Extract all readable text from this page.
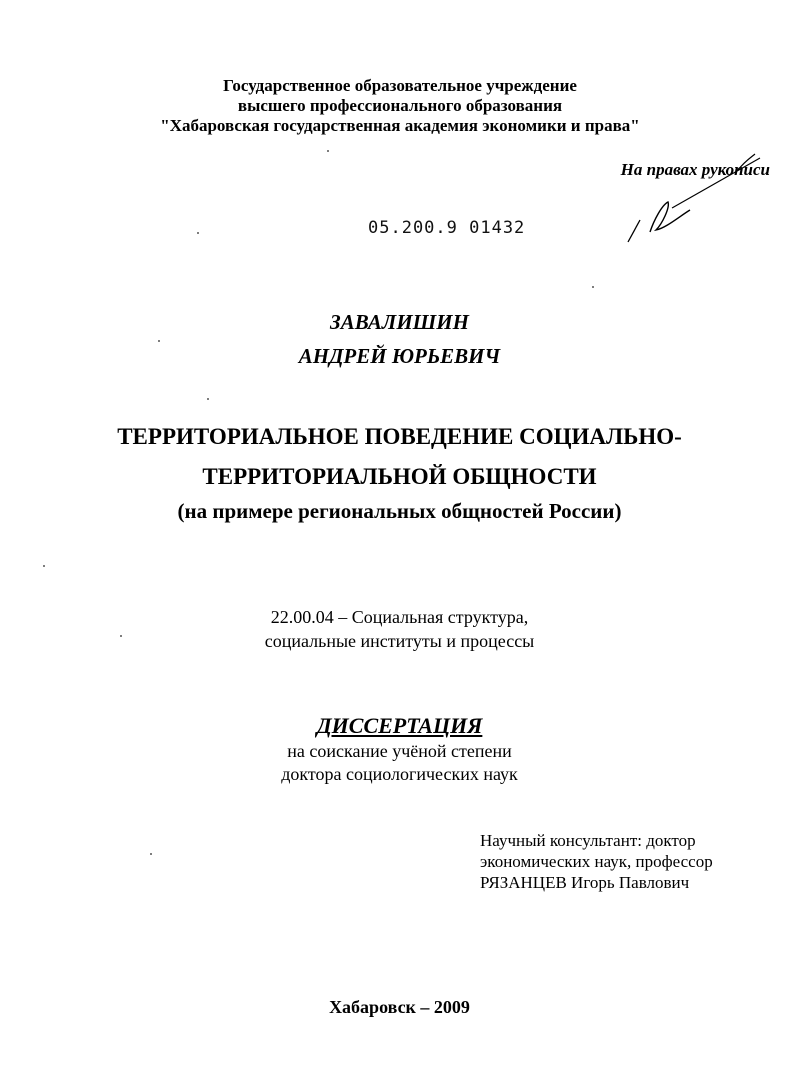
Государственное образовательное учреждение
высшего профессионального образования
"Хабаровская государственная академия экономики и права"
На правах рукописи
05.200.9 01432
ЗАВАЛИШИН
АНДРЕЙ ЮРЬЕВИЧ
ТЕРРИТОРИАЛЬНОЕ ПОВЕДЕНИЕ СОЦИАЛЬНО-
ТЕРРИТОРИАЛЬНОЙ ОБЩНОСТИ
(на примере региональных общностей России)
22.00.04 – Социальная структура,
социальные институты и процессы
ДИССЕРТАЦИЯ
на соискание учёной степени
доктора социологических наук
Научный консультант: доктор
экономических наук, профессор
РЯЗАНЦЕВ Игорь Павлович
Хабаровск – 2009
